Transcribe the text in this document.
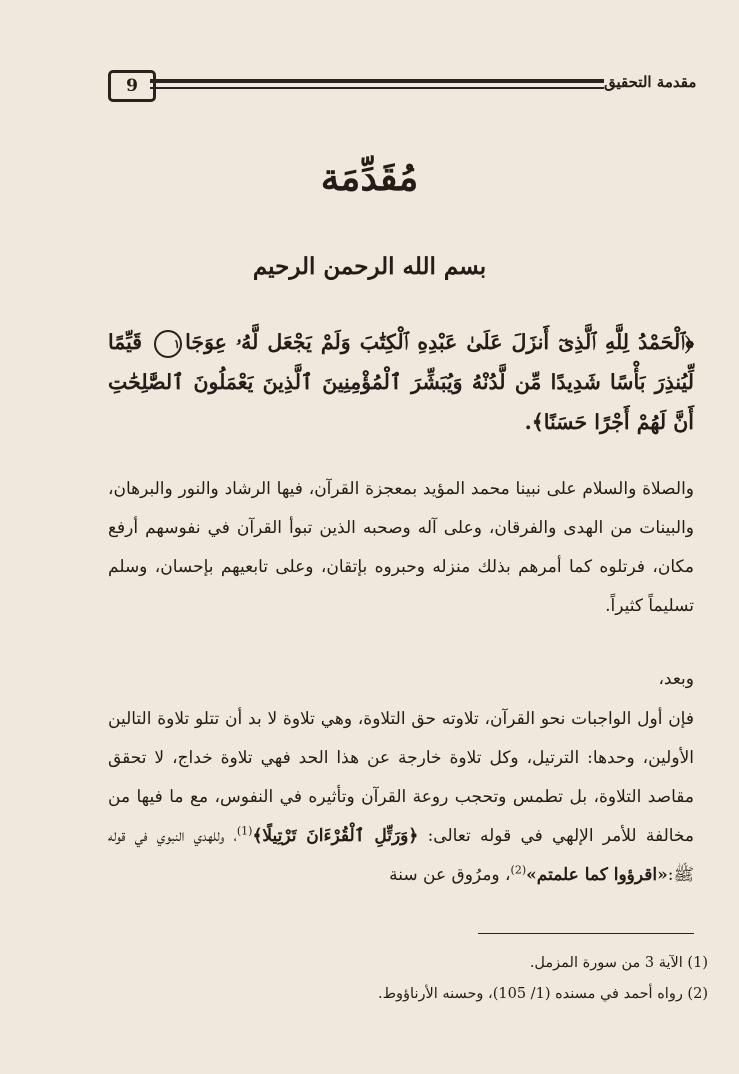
9	مقدمة التحقيق
مُقَدِّمَة
بسم الله الرحمن الرحيم
﴿ٱلْحَمْدُ لِلَّهِ ٱلَّذِىٓ أَنزَلَ عَلَىٰ عَبْدِهِ ٱلْكِتَٰبَ وَلَمْ يَجْعَل لَّهُۥ عِوَجَا١ قَيِّمًا لِّيُنذِرَ بَأْسًا شَدِيدًا مِّن لَّدُنْهُ وَيُبَشِّرَ ٱلْمُؤْمِنِينَ ٱلَّذِينَ يَعْمَلُونَ ٱلصَّٰلِحَٰتِ أَنَّ لَهُمْ أَجْرًا حَسَنًا﴾.
والصلاة والسلام على نبينا محمد المؤيد بمعجزة القرآن، فيها الرشاد والنور والبرهان، والبينات من الهدى والفرقان، وعلى آله وصحبه الذين تبوأ القرآن في نفوسهم أرفع مكان، فرتلوه كما أمرهم بذلك منزله وحبروه بإتقان، وعلى تابعيهم بإحسان، وسلم تسليماً كثيراً.
وبعد،
فإن أول الواجبات نحو القرآن، تلاوته حق التلاوة، وهي تلاوة لا بد أن تتلو تلاوة التالين الأولين، وحدها: الترتيل، وكل تلاوة خارجة عن هذا الحد فهي تلاوة خداج، لا تحقق مقاصد التلاوة، بل تطمس وتحجب روعة القرآن وتأثيره في النفوس، مع ما فيها من مخالفة للأمر الإلهي في قوله تعالى: ﴿وَرَتِّلِ ٱلْقُرْءَانَ تَرْتِيلًا﴾$^{(1)}$، وللهدي النبوي في قوله ﷺ:«اقرؤوا كما علمتم»$^{(2)}$، ومرُوق عن سنة
(1) الآية 3 من سورة المزمل.
(2) رواه أحمد في مسنده (1/ 105)، وحسنه الأرناؤوط.
